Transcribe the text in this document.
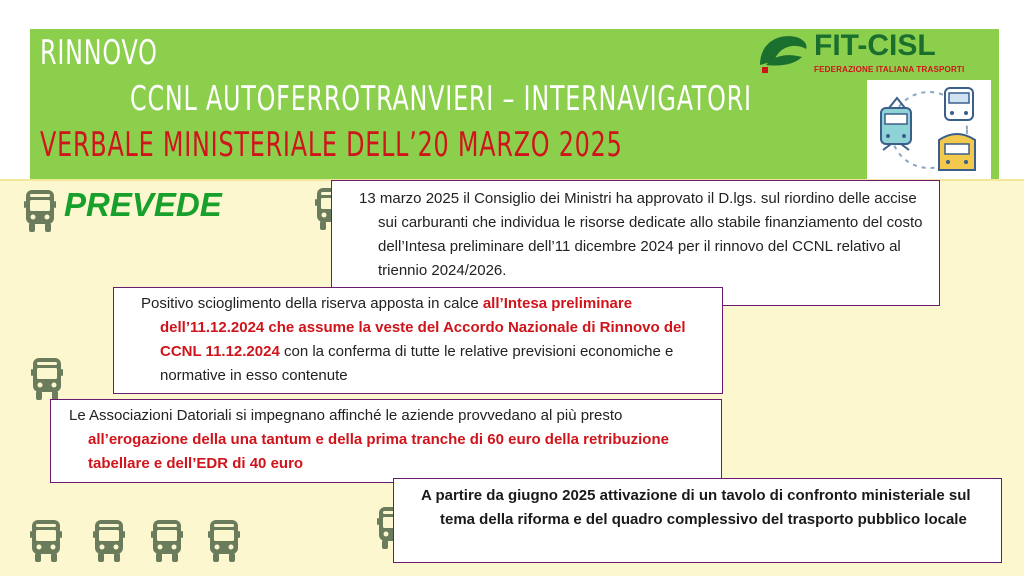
RINNOVO
CCNL AUTOFERROTRANVIERI – INTERNAVIGATORI
VERBALE MINISTERIALE DELL’20 MARZO 2025
FIT-CISL
FEDERAZIONE ITALIANA TRASPORTI
PREVEDE	13 marzo 2025 il Consiglio dei Ministri ha approvato il D.lgs. sul riordino delle accise sui carburanti che individua le risorse dedicate allo stabile finanziamento del costo dell’Intesa preliminare dell’11 dicembre 2024 per il rinnovo del CCNL relativo al triennio 2024/2026.

Positivo scioglimento della riserva apposta in calce all’Intesa preliminare dell’11.12.2024 che assume la veste del Accordo Nazionale di Rinnovo del CCNL 11.12.2024 con la conferma di tutte le relative previsioni economiche e normative in esso contenute

Le Associazioni Datoriali si impegnano affinché le aziende provvedano al più presto all’erogazione della una tantum e della prima tranche di 60 euro della retribuzione tabellare e dell’EDR di 40 euro

A partire da giugno 2025 attivazione di un tavolo di confronto ministeriale sul tema della riforma e del quadro complessivo del trasporto pubblico locale
